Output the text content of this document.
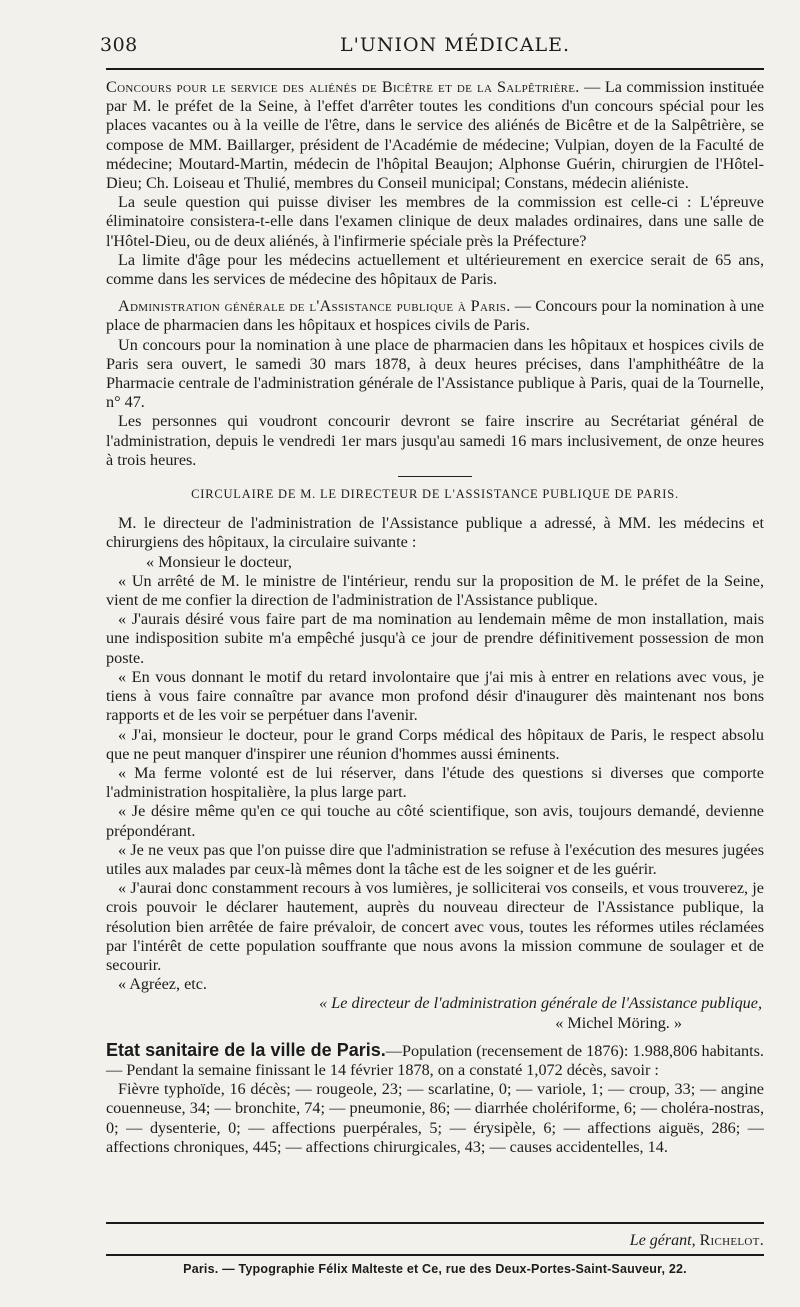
308	L'UNION MÉDICALE.

Concours pour le service des aliénés de Bicêtre et de la Salpêtrière. — La commission instituée par M. le préfet de la Seine, à l'effet d'arrêter toutes les conditions d'un concours spécial pour les places vacantes ou à la veille de l'être, dans le service des aliénés de Bicêtre et de la Salpêtrière, se compose de MM. Baillarger, président de l'Académie de médecine; Vulpian, doyen de la Faculté de médecine; Moutard-Martin, médecin de l'hôpital Beaujon; Alphonse Guérin, chirurgien de l'Hôtel-Dieu; Ch. Loiseau et Thulié, membres du Conseil municipal; Constans, médecin aliéniste.

La seule question qui puisse diviser les membres de la commission est celle-ci : L'épreuve éliminatoire consistera-t-elle dans l'examen clinique de deux malades ordinaires, dans une salle de l'Hôtel-Dieu, ou de deux aliénés, à l'infirmerie spéciale près la Préfecture?

La limite d'âge pour les médecins actuellement et ultérieurement en exercice serait de 65 ans, comme dans les services de médecine des hôpitaux de Paris.

Administration générale de l'Assistance publique à Paris. — Concours pour la nomination à une place de pharmacien dans les hôpitaux et hospices civils de Paris.

Un concours pour la nomination à une place de pharmacien dans les hôpitaux et hospices civils de Paris sera ouvert, le samedi 30 mars 1878, à deux heures précises, dans l'amphithéâtre de la Pharmacie centrale de l'administration générale de l'Assistance publique à Paris, quai de la Tournelle, n° 47.

Les personnes qui voudront concourir devront se faire inscrire au Secrétariat général de l'administration, depuis le vendredi 1er mars jusqu'au samedi 16 mars inclusivement, de onze heures à trois heures.

CIRCULAIRE DE M. LE DIRECTEUR DE L'ASSISTANCE PUBLIQUE DE PARIS.

M. le directeur de l'administration de l'Assistance publique a adressé, à MM. les médecins et chirurgiens des hôpitaux, la circulaire suivante :

« Monsieur le docteur,

« Un arrêté de M. le ministre de l'intérieur, rendu sur la proposition de M. le préfet de la Seine, vient de me confier la direction de l'administration de l'Assistance publique.

« J'aurais désiré vous faire part de ma nomination au lendemain même de mon installation, mais une indisposition subite m'a empêché jusqu'à ce jour de prendre définitivement possession de mon poste.

« En vous donnant le motif du retard involontaire que j'ai mis à entrer en relations avec vous, je tiens à vous faire connaître par avance mon profond désir d'inaugurer dès maintenant nos bons rapports et de les voir se perpétuer dans l'avenir.

« J'ai, monsieur le docteur, pour le grand Corps médical des hôpitaux de Paris, le respect absolu que ne peut manquer d'inspirer une réunion d'hommes aussi éminents.

« Ma ferme volonté est de lui réserver, dans l'étude des questions si diverses que comporte l'administration hospitalière, la plus large part.

« Je désire même qu'en ce qui touche au côté scientifique, son avis, toujours demandé, devienne prépondérant.

« Je ne veux pas que l'on puisse dire que l'administration se refuse à l'exécution des mesures jugées utiles aux malades par ceux-là mêmes dont la tâche est de les soigner et de les guérir.

« J'aurai donc constamment recours à vos lumières, je solliciterai vos conseils, et vous trouverez, je crois pouvoir le déclarer hautement, auprès du nouveau directeur de l'Assistance publique, la résolution bien arrêtée de faire prévaloir, de concert avec vous, toutes les réformes utiles réclamées par l'intérêt de cette population souffrante que nous avons la mission commune de soulager et de secourir.

« Agréez, etc.

« Le directeur de l'administration générale de l'Assistance publique,

« Michel Möring. »

Etat sanitaire de la ville de Paris.—Population (recensement de 1876): 1.988,806 habitants. — Pendant la semaine finissant le 14 février 1878, on a constaté 1,072 décès, savoir :

Fièvre typhoïde, 16 décès; — rougeole, 23; — scarlatine, 0; — variole, 1; — croup, 33; — angine couenneuse, 34; — bronchite, 74; — pneumonie, 86; — diarrhée cholériforme, 6; — choléra-nostras, 0; — dysenterie, 0; — affections puerpérales, 5; — érysipèle, 6; — affections aiguës, 286; — affections chroniques, 445; — affections chirurgicales, 43; — causes accidentelles, 14.

Le gérant, Richelot.
Paris. — Typographie Félix Malteste et Ce, rue des Deux-Portes-Saint-Sauveur, 22.
